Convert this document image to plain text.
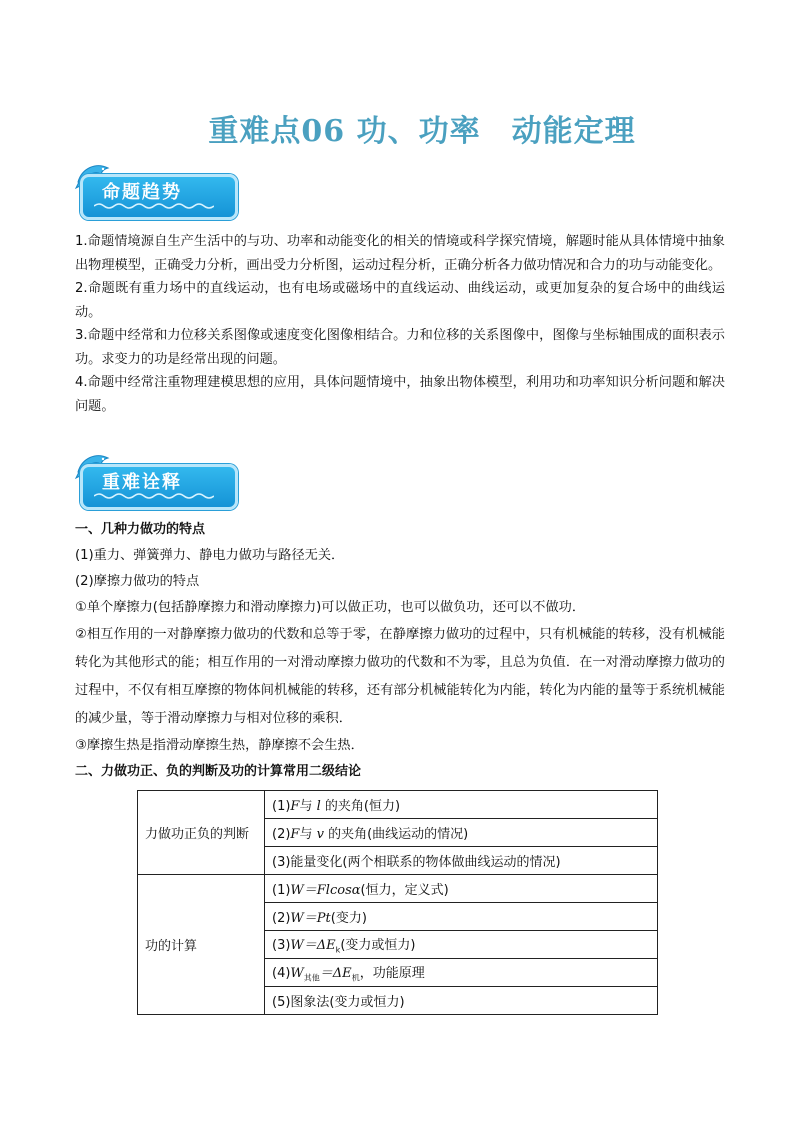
重难点06 功、功率　动能定理
命题趋势
1.命题情境源自生产生活中的与功、功率和动能变化的相关的情境或科学探究情境，解题时能从具体情境中抽象出物理模型，正确受力分析，画出受力分析图，运动过程分析，正确分析各力做功情况和合力的功与动能变化。
2.命题既有重力场中的直线运动，也有电场或磁场中的直线运动、曲线运动，或更加复杂的复合场中的曲线运动。
3.命题中经常和力位移关系图像或速度变化图像相结合。力和位移的关系图像中，图像与坐标轴围成的面积表示功。求变力的功是经常出现的问题。
4.命题中经常注重物理建模思想的应用，具体问题情境中，抽象出物体模型，利用功和功率知识分析问题和解决问题。
重难诠释
一、几种力做功的特点
(1)重力、弹簧弹力、静电力做功与路径无关．
(2)摩擦力做功的特点
①单个摩擦力(包括静摩擦力和滑动摩擦力)可以做正功，也可以做负功，还可以不做功．
②相互作用的一对静摩擦力做功的代数和总等于零，在静摩擦力做功的过程中，只有机械能的转移，没有机械能转化为其他形式的能；相互作用的一对滑动摩擦力做功的代数和不为零，且总为负值．在一对滑动摩擦力做功的过程中，不仅有相互摩擦的物体间机械能的转移，还有部分机械能转化为内能，转化为内能的量等于系统机械能的减少量，等于滑动摩擦力与相对位移的乘积．
③摩擦生热是指滑动摩擦生热，静摩擦不会生热．
二、力做功正、负的判断及功的计算常用二级结论
力做功正负的判断	(1)F与 l 的夹角(恒力)
	(2)F与 v 的夹角(曲线运动的情况)
	(3)能量变化(两个相联系的物体做曲线运动的情况)
功的计算	(1)W＝Flcosα(恒力，定义式)
	(2)W＝Pt(变力)
	$(3)W=\Delta E_k$(变力或恒力)
	$(4)W_{其他}=\Delta E_机$，功能原理
	(5)图象法(变力或恒力)
